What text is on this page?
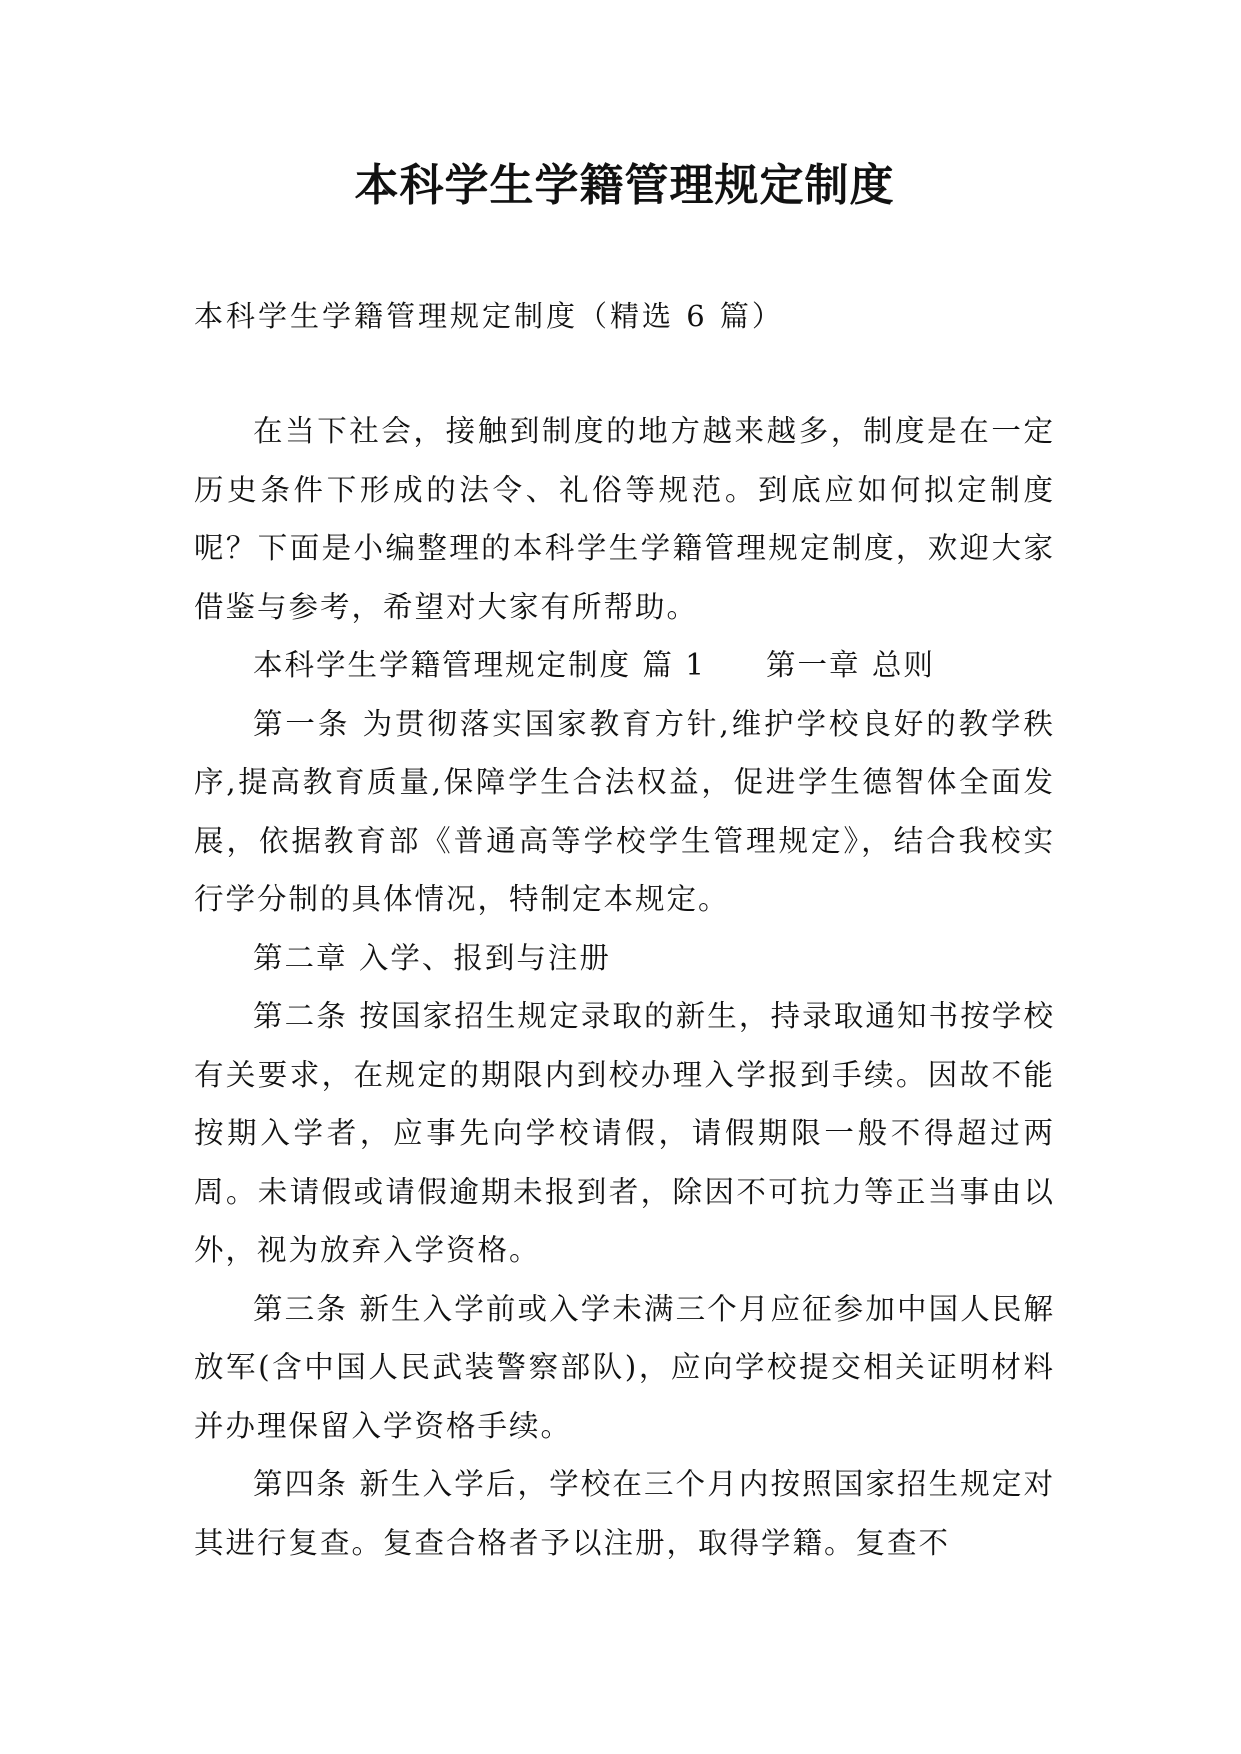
本科学生学籍管理规定制度

本科学生学籍管理规定制度（精选 6 篇）

在当下社会，接触到制度的地方越来越多，制度是在一定历史条件下形成的法令、礼俗等规范。到底应如何拟定制度呢？下面是小编整理的本科学生学籍管理规定制度，欢迎大家借鉴与参考，希望对大家有所帮助。

本科学生学籍管理规定制度 篇 1 第一章 总则

第一条 为贯彻落实国家教育方针,维护学校良好的教学秩序,提高教育质量,保障学生合法权益，促进学生德智体全面发展，依据教育部《普通高等学校学生管理规定》，结合我校实行学分制的具体情况，特制定本规定。

第二章 入学、报到与注册

第二条 按国家招生规定录取的新生，持录取通知书按学校有关要求，在规定的期限内到校办理入学报到手续。因故不能按期入学者，应事先向学校请假，请假期限一般不得超过两周。未请假或请假逾期未报到者，除因不可抗力等正当事由以外，视为放弃入学资格。

第三条 新生入学前或入学未满三个月应征参加中国人民解放军(含中国人民武装警察部队)，应向学校提交相关证明材料并办理保留入学资格手续。

第四条 新生入学后，学校在三个月内按照国家招生规定对其进行复查。复查合格者予以注册，取得学籍。复查不
